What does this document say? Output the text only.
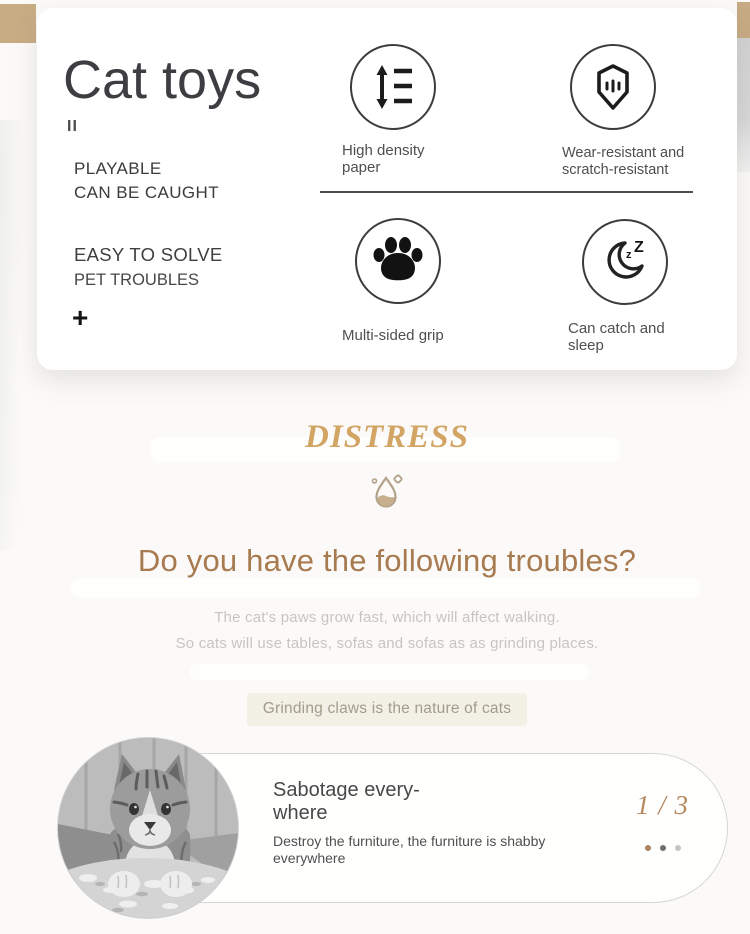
Cat toys
II
PLAYABLE
CAN BE CAUGHT
EASY TO SOLVE
PET TROUBLES
+
z Z
High density
paper
Wear-resistant and
scratch-resistant
Multi-sided grip	Can catch and
sleep
DISTRESS
Do you have the following troubles?
The cat's paws grow fast, which will affect walking.
So cats will use tables, sofas and sofas as as grinding places.
Grinding claws is the nature of cats
Sabotage every-
where
Destroy the furniture, the furniture is shabby
everywhere
1 / 3
